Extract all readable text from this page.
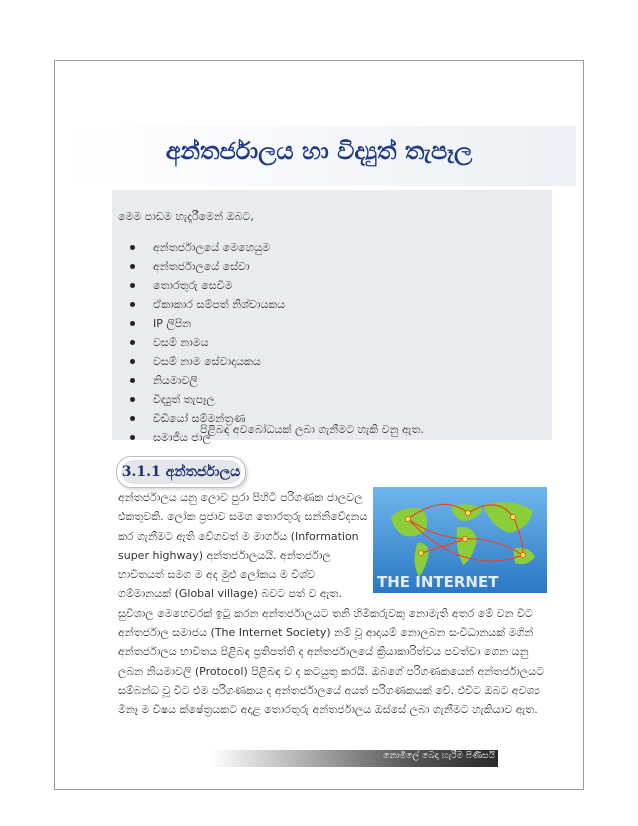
අන්තර්ජාලය හා විද්‍යුත් තැපෑල
මෙම පාඩම හැදෑරීමෙන් ඔබට,
අන්තර්ජාලයේ මෙහෙයුම
අන්තර්ජාලයේ සේවා
තොරතුරු සෙවීම
ඒකාකාර සම්පත් නිශ්චායකය
IP ලිපින
වසම් නාමය
වසම් නාම සේවාදායකය
නියමාවලි
විද්‍යුත් තැපෑල
වීඩියෝ සම්මන්ත්‍රණ
සමාජීය ජාල
පිළිබඳ අවබෝධයක් ලබා ගැනීමට හැකි වනු ඇත.
3.1.1 අන්තර්ජාලය
THE INTERNET

අන්තර්ජාලය යනු ලොව පුරා පිහිටි පරිගණක ජාලවල එකතුවකි. ලෝක ප්‍රජාව සමග තොරතුරු සන්නිවේදනය කර ගැනීමට ඇති වේගවත් ම මාර්ගය (Information super highway) අන්තර්ජාලයයි. අන්තර්ජාල භාවිතයත් සමග ම අද මුළු ලෝකය ම විශ්ව ගම්මානයක් (Global village) බවට පත් ව ඇත. සුවිශාල මෙහෙවරක් ඉටු කරන අන්තර්ජාලයට තනි හිමිකරුවකු නොමැති අතර මේ වන විට අන්තර්ජාල සමාජය (The Internet Society) නම් වූ ආදායම් නොලබන සංවිධානයක් මගින් අන්තර්ජාලය භාවිතය පිළිබඳ ප්‍රතිපත්ති ද අන්තර්ජාලයේ ක්‍රියාකාරිත්වය පවත්වා ගෙන යනු ලබන නියමාවලි (Protocol) පිළිබඳ ව ද කටයුතු කරයි. ඔබගේ පරිගණකයෙන් අන්තර්ජාලයට සම්බන්ධ වූ විට එම පරිගණකය ද අන්තර්ජාලයේ අයත් පරිගණකයක් වේ. එවිට ඔබට අවශ්‍ය මිනෑ ම විෂය ක්ෂේත්‍රයකට අදාළ තොරතුරු අන්තර්ජාලය ඔස්සේ ලබා ගැනීමට හැකියාව ඇත.

නොමිලේ බෙදා හැරීම පිණිසයි
